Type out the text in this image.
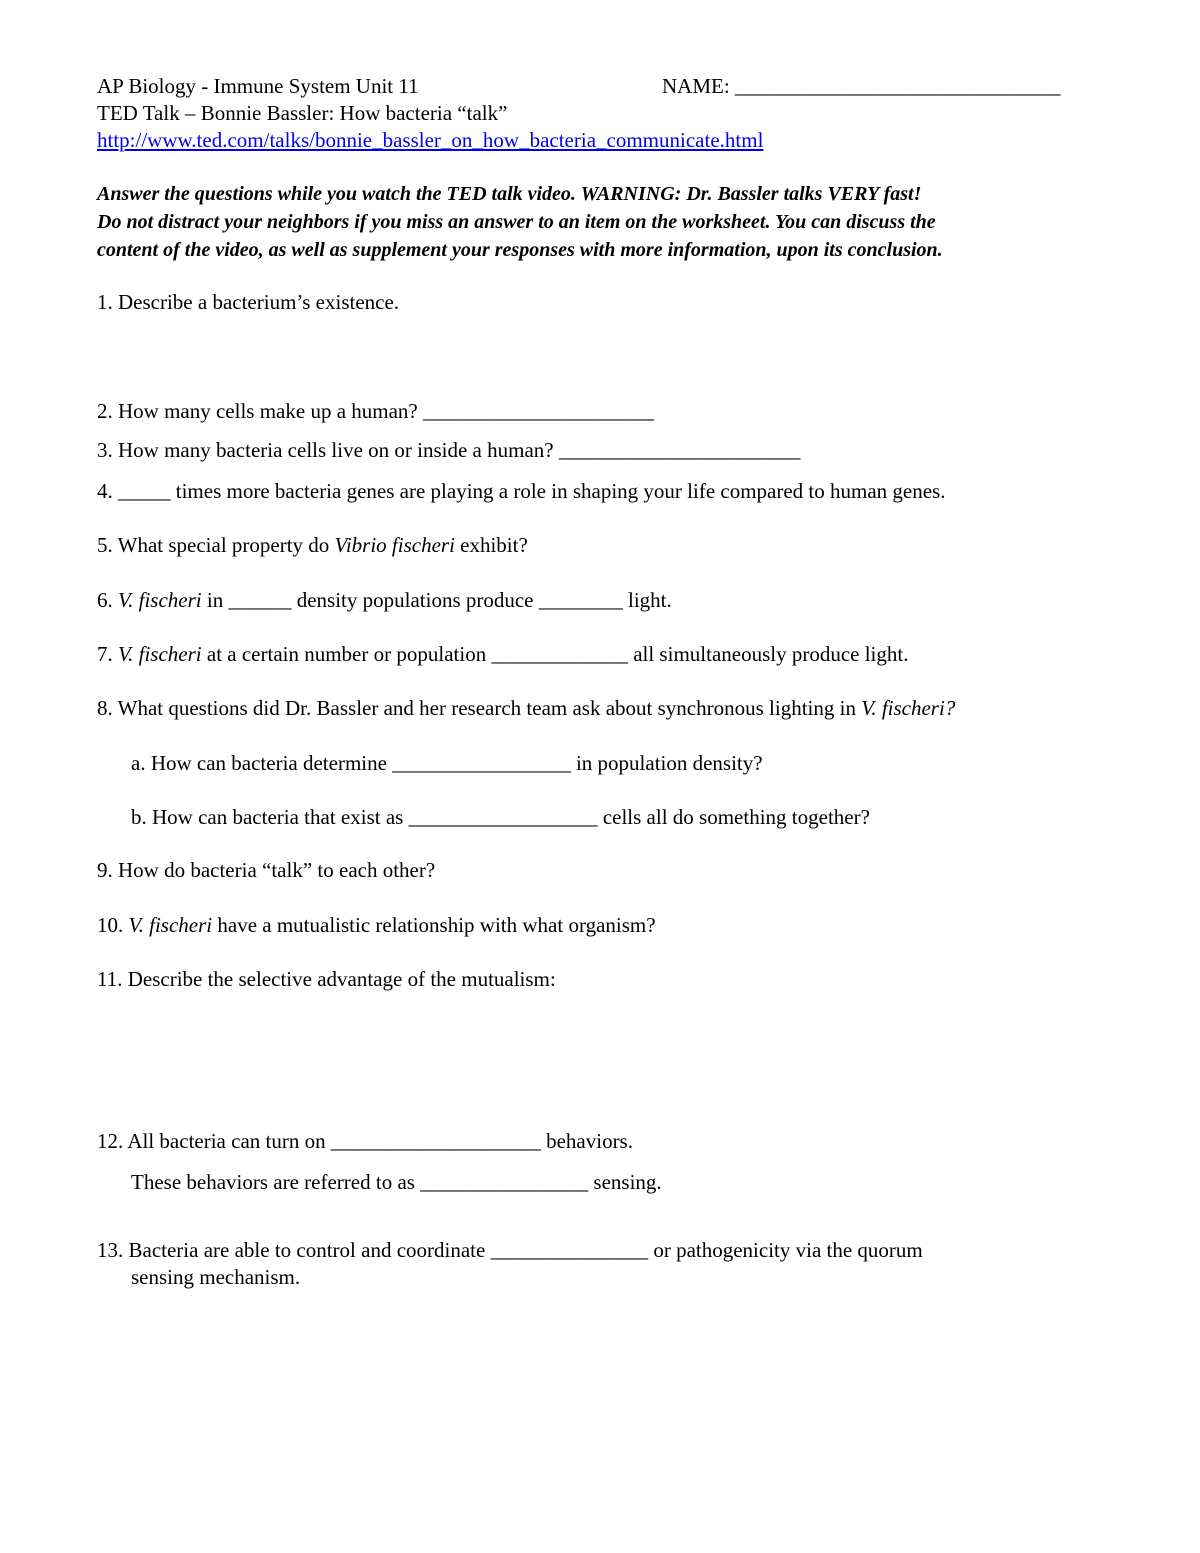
AP Biology - Immune System Unit 11	NAME: _______________________________
TED Talk – Bonnie Bassler: How bacteria “talk”
http://www.ted.com/talks/bonnie_bassler_on_how_bacteria_communicate.html
Answer the questions while you watch the TED talk video. WARNING: Dr. Bassler talks VERY fast!
Do not distract your neighbors if you miss an answer to an item on the worksheet. You can discuss the
content of the video, as well as supplement your responses with more information, upon its conclusion.
1. Describe a bacterium’s existence.
2. How many cells make up a human? ______________________
3. How many bacteria cells live on or inside a human? _______________________
4. _____ times more bacteria genes are playing a role in shaping your life compared to human genes.
5. What special property do Vibrio fischeri exhibit?
6. V. fischeri in ______ density populations produce ________ light.
7. V. fischeri at a certain number or population _____________ all simultaneously produce light.
8. What questions did Dr. Bassler and her research team ask about synchronous lighting in V. fischeri?
a. How can bacteria determine _________________ in population density?
b. How can bacteria that exist as __________________ cells all do something together?
9. How do bacteria “talk” to each other?
10. V. fischeri have a mutualistic relationship with what organism?
11. Describe the selective advantage of the mutualism:
12. All bacteria can turn on ____________________ behaviors.
These behaviors are referred to as ________________ sensing.
13. Bacteria are able to control and coordinate _______________ or pathogenicity via the quorum
sensing mechanism.
